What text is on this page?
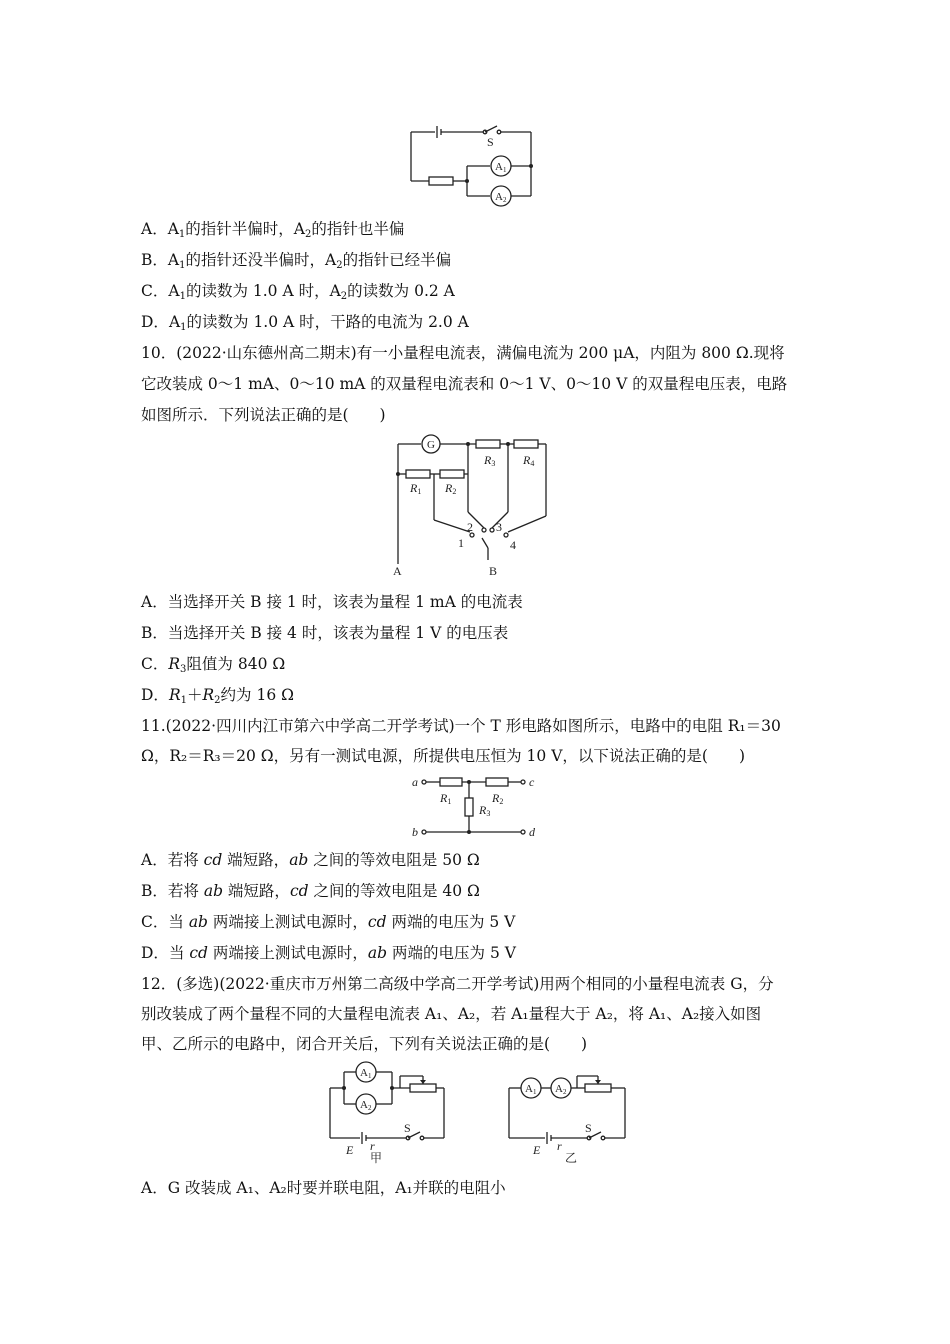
S
A1
A2
A．$A_1$的指针半偏时，$A_2$的指针也半偏
B．$A_1$的指针还没半偏时，$A_2$的指针已经半偏
C．$A_1$的读数为 1.0 A 时，$A_2$的读数为 0.2 A
D．$A_1$的读数为 1.0 A 时，干路的电流为 2.0 A
10．(2022·山东德州高二期末)有一小量程电流表，满偏电流为 200 μA，内阻为 800 Ω.现将
它改装成 0～1 mA、0～10 mA 的双量程电流表和 0～1 V、0～10 V 的双量程电压表，电路
如图所示．下列说法正确的是(　　)
G
R3 R4
R1 R2
2 3
1	4
A	B
A．当选择开关 B 接 1 时，该表为量程 1 mA 的电流表
B．当选择开关 B 接 4 时，该表为量程 1 V 的电压表
C．$R_3$阻值为 840 Ω
D．$R_1+R_2$约为 16 Ω
11.(2022·四川内江市第六中学高二开学考试)一个 T 形电路如图所示，电路中的电阻 R₁＝30
Ω，R₂＝R₃＝20 Ω，另有一测试电源，所提供电压恒为 10 V，以下说法正确的是(　　)
a	c
R1	R2
R3
b	d
A．若将 cd 端短路，ab 之间的等效电阻是 50 Ω
B．若将 ab 端短路，cd 之间的等效电阻是 40 Ω
C．当 ab 两端接上测试电源时，cd 两端的电压为 5 V
D．当 cd 两端接上测试电源时，ab 两端的电压为 5 V
12．(多选)(2022·重庆市万州第二高级中学高二开学考试)用两个相同的小量程电流表 G，分
别改装成了两个量程不同的大量程电流表 A₁、A₂，若 A₁量程大于 A₂，将 A₁、A₂接入如图
甲、乙所示的电路中，闭合开关后，下列有关说法正确的是(　　)
A1
A2
E r
S
甲
A1 A2
E r
S
乙
A．G 改装成 A₁、A₂时要并联电阻，A₁并联的电阻小
